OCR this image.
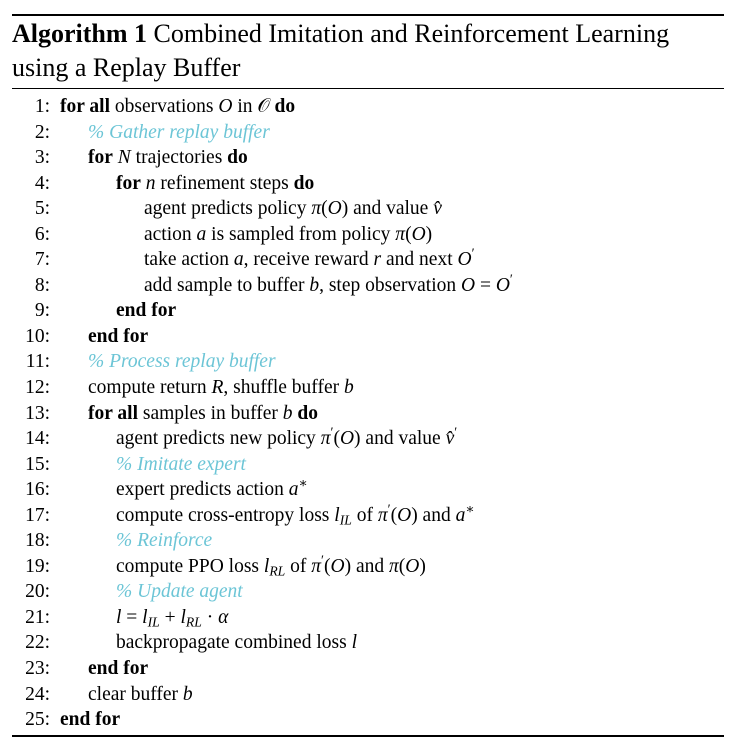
Algorithm 1 Combined Imitation and Reinforcement Learning using a Replay Buffer
1: for all observations O in 𝒪 do
2: % Gather replay buffer
3: for N trajectories do
4:	for n refinement steps do
5:	agent predicts policy π(O) and value v̂
6:	action a is sampled from policy π(O)
7:	take action a, receive reward r and next O′
8:	add sample to buffer b, step observation O = O′
9:	end for
10: end for
11: % Process replay buffer
12: compute return R, shuffle buffer b
13: for all samples in buffer b do
14:	agent predicts new policy π′(O) and value v̂′
15:	% Imitate expert
16:	expert predicts action a∗
17:	compute cross-entropy loss $l_{IL}$ of π′(O) and a∗
18:	% Reinforce
19:	compute PPO loss $l_{RL}$ of π′(O) and π(O)
20:	% Update agent
21:	$l = l_{IL} + l_{RL} \cdot \alpha$
22:	backpropagate combined loss l
23: end for
24: clear buffer b
25: end for
